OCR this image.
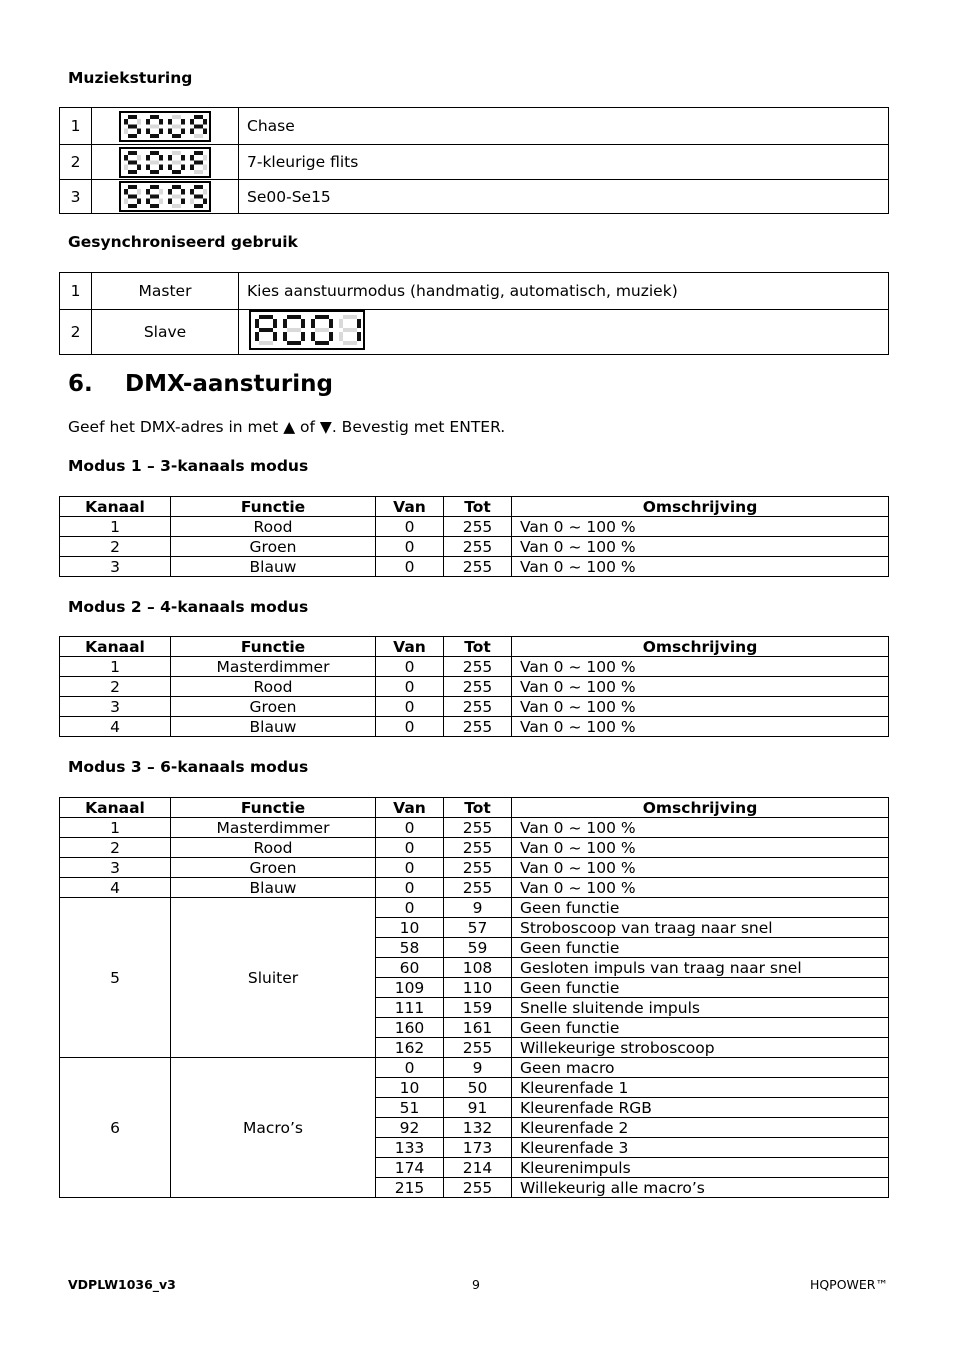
Muzieksturing
1		Chase
2		7-kleurige flits
3		Se00-Se15
Gesynchroniseerd gebruik
1	Master	Kies aanstuurmodus (handmatig, automatisch, muziek)
2	Slave	
6. DMX-aansturing

Geef het DMX-adres in met ▲ of ▼. Bevestig met ENTER.

Modus 1 – 3-kanaals modus
Kanaal	Functie	Van	Tot	Omschrijving
1	Rood	0	255	Van 0 ~ 100 %
2	Groen	0	255	Van 0 ~ 100 %
3	Blauw	0	255	Van 0 ~ 100 %
Modus 2 – 4-kanaals modus
Kanaal	Functie	Van	Tot	Omschrijving
1	Masterdimmer	0	255	Van 0 ~ 100 %
2	Rood	0	255	Van 0 ~ 100 %
3	Groen	0	255	Van 0 ~ 100 %
4	Blauw	0	255	Van 0 ~ 100 %
Modus 3 – 6-kanaals modus
Kanaal	Functie	Van	Tot	Omschrijving
1	Masterdimmer	0	255	Van 0 ~ 100 %
2	Rood	0	255	Van 0 ~ 100 %
3	Groen	0	255	Van 0 ~ 100 %
4	Blauw	0	255	Van 0 ~ 100 %
5	Sluiter	0	9	Geen functie
		10	57	Stroboscoop van traag naar snel
		58	59	Geen functie
		60	108	Gesloten impuls van traag naar snel
		109	110	Geen functie
		111	159	Snelle sluitende impuls
		160	161	Geen functie
		162	255	Willekeurige stroboscoop
6	Macro’s	0	9	Geen macro
		10	50	Kleurenfade 1
		51	91	Kleurenfade RGB
		92	132	Kleurenfade 2
		133	173	Kleurenfade 3
		174	214	Kleurenimpuls
		215	255	Willekeurig alle macro’s
VDPLW1036_v3	9	HQPOWER™
